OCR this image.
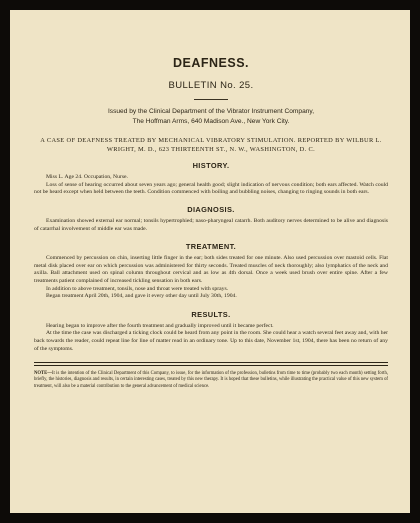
DEAFNESS.
BULLETIN No. 25.
Issued by the Clinical Department of the Vibrator Instrument Company,
The Hoffman Arms, 640 Madison Ave., New York City.
A CASE OF DEAFNESS TREATED BY MECHANICAL VIBRATORY STIMULATION. REPORTED BY WILBUR L. WRIGHT, M. D., 623 THIRTEENTH ST., N. W., WASHINGTON, D. C.
HISTORY.

Miss L. Age 24. Occupation, Nurse.

Loss of sense of hearing occurred about seven years ago; general health good; slight indication of nervous condition; both ears affected. Watch could not be heard except when held between the teeth. Condition commenced with boiling and bubbling noises, changing to ringing sounds in both ears.

DIAGNOSIS.

Examination showed external ear normal; tonsils hypertrophied; naso-pharyngeal catarrh. Both auditory nerves determined to be alive and diagnosis of catarrhal involvement of middle ear was made.

TREATMENT.

Commenced by percussion on chin, inserting little finger in the ear; both sides treated for one minute. Also used percussion over mastoid cells. Flat metal disk placed over ear on which percussion was administered for thirty seconds. Treated muscles of neck thoroughly; also lymphatics of the neck and axilla. Ball attachment used on spinal column throughout cervical and as low as 4th dorsal. Once a week used brush over entire spine. After a few treatments patient complained of increased tickling sensation in both ears.

In addition to above treatment, tonsils, nose and throat were treated with sprays.

Began treatment April 20th, 1904, and gave it every other day until July 30th, 1904.

RESULTS.

Hearing began to improve after the fourth treatment and gradually improved until it became perfect.

At the time the case was discharged a ticking clock could be heard from any point in the room. She could hear a watch several feet away and, with her back towards the reader, could repeat line for line of matter read in an ordinary tone. Up to this date, November 1st, 1904, there has been no return of any of the symptoms.

NOTE—It is the intention of the Clinical Department of this Company, to issue, for the information of the profession, bulletins from time to time (probably two each month) setting forth, briefly, the histories, diagnosis and results, in certain interesting cases, treated by this new therapy. It is hoped that these bulletins, while illustrating the practical value of this new system of treatment, will also be a material contribution to the general advancement of medical science.
